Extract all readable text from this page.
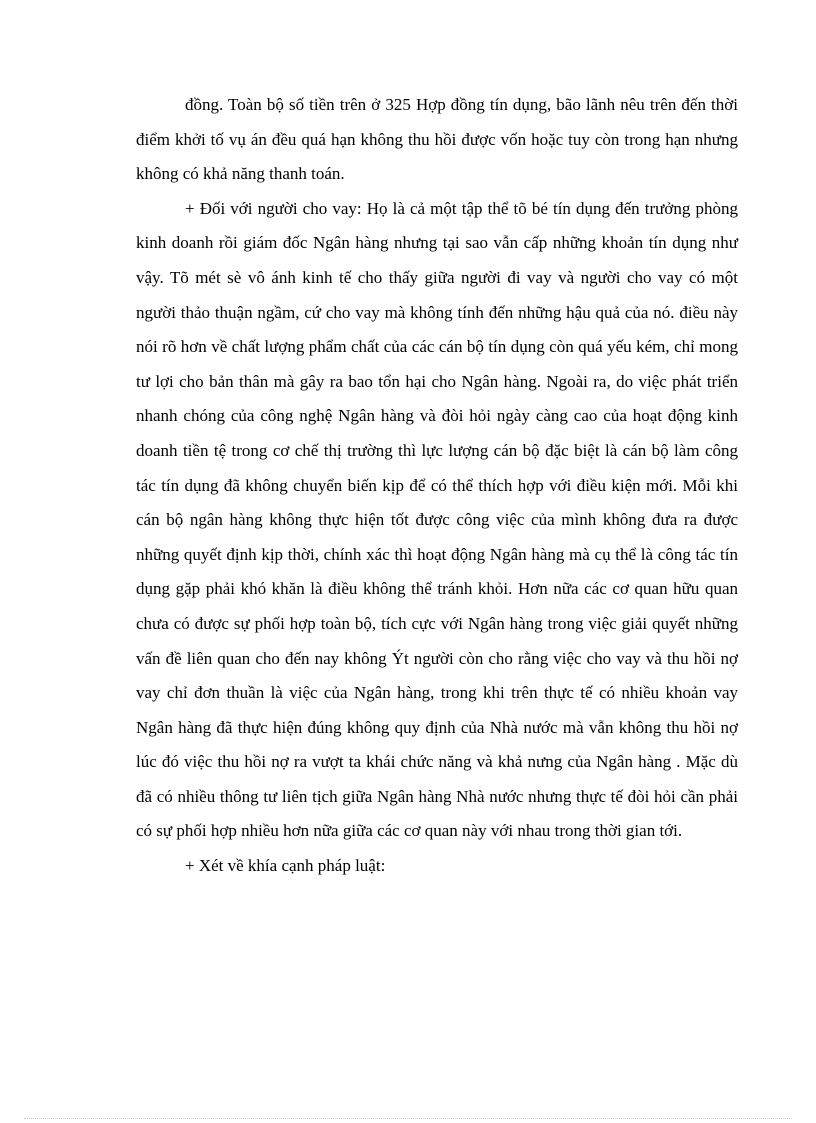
đồng. Toàn bộ số tiền trên ở 325 Hợp đồng tín dụng, bão lãnh nêu trên đến thời điểm khởi tố vụ án đều quá hạn không thu hồi được vốn hoặc tuy còn trong hạn nhưng không có khả năng thanh toán.

+ Đối với người cho vay: Họ là cả một tập thể tõ bé tín dụng đến trưởng phòng kinh doanh rồi giám đốc Ngân hàng nhưng tại sao vẫn cấp những khoản tín dụng như vậy. Tõ mét sè vô ánh kinh tế cho thấy giữa người đi vay và người cho vay có một người thảo thuận ngầm, cứ cho vay mà không tính đến những hậu quả của nó. điều này nói rõ hơn về chất lượng phẩm chất của các cán bộ tín dụng còn quá yếu kém, chỉ mong tư lợi cho bản thân mà gây ra bao tổn hại cho Ngân hàng. Ngoài ra, do việc phát triển nhanh chóng của công nghệ Ngân hàng và đòi hỏi ngày càng cao của hoạt động kinh doanh tiền tệ trong cơ chế thị trường thì lực lượng cán bộ đặc biệt là cán bộ làm công tác tín dụng đã không chuyển biến kịp để có thể thích hợp với điều kiện mới. Mỗi khi cán bộ ngân hàng không thực hiện tốt được công việc của mình không đưa ra được những quyết định kịp thời, chính xác thì hoạt động Ngân hàng mà cụ thể là công tác tín dụng gặp phải khó khăn là điều không thể tránh khỏi. Hơn nữa các cơ quan hữu quan chưa có được sự phối hợp toàn bộ, tích cực với Ngân hàng trong việc giải quyết những vấn đề liên quan cho đến nay không Ýt người còn cho rằng việc cho vay và thu hồi nợ vay chỉ đơn thuần là việc của Ngân hàng, trong khi trên thực tế có nhiều khoản vay Ngân hàng đã thực hiện đúng không quy định của Nhà nước mà vẫn không thu hồi nợ lúc đó việc thu hồi nợ ra vượt ta khái chức năng và khả nưng của Ngân hàng . Mặc dù đã có nhiều thông tư liên tịch giữa Ngân hàng Nhà nước nhưng thực tế đòi hỏi cần phải có sự phối hợp nhiều hơn nữa giữa các cơ quan này với nhau trong thời gian tới.

+ Xét về khía cạnh pháp luật:
